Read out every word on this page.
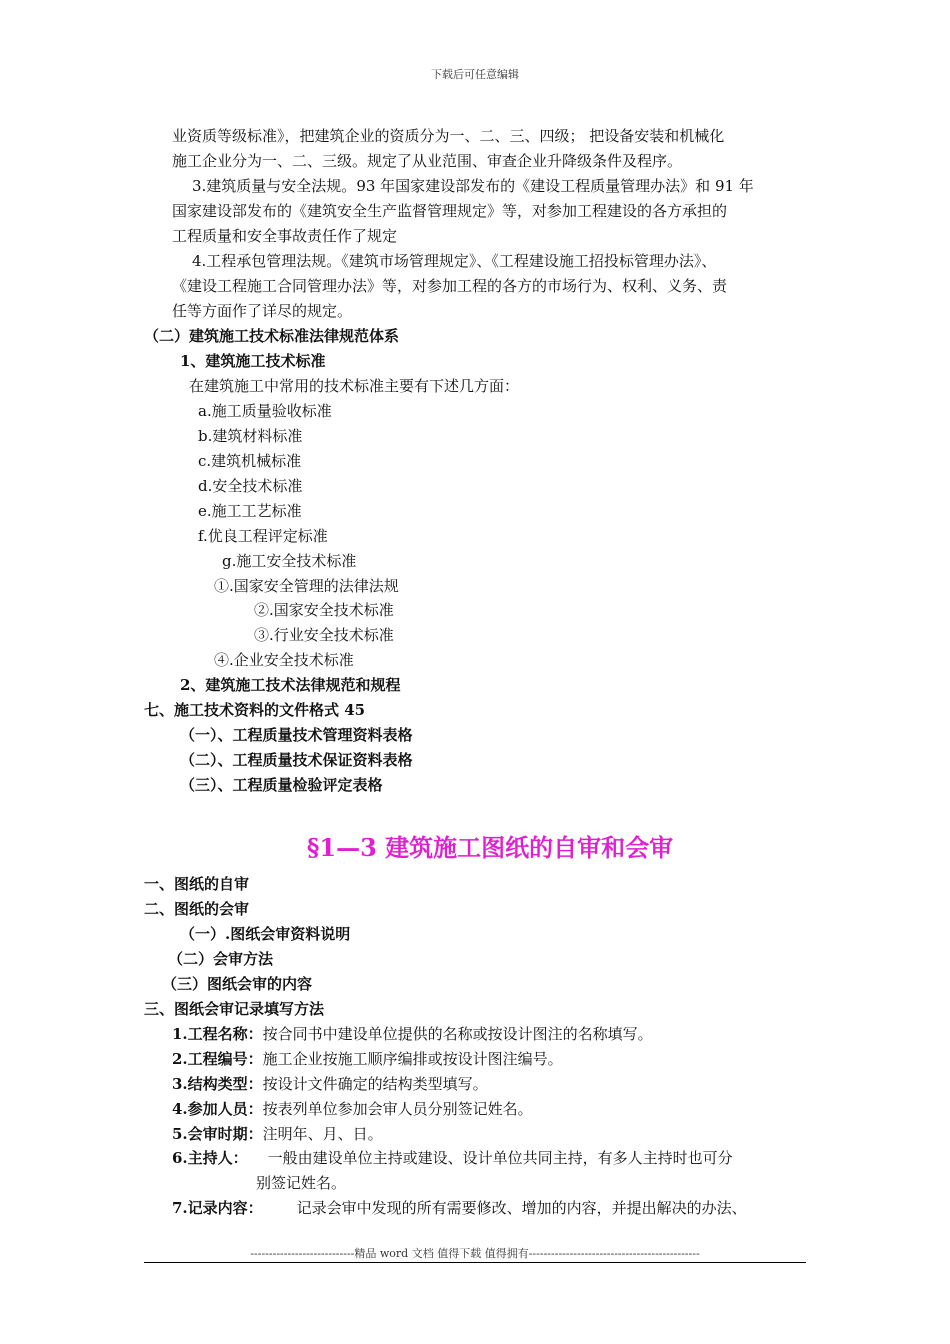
下载后可任意编辑
业资质等级标准》，把建筑企业的资质分为一、二、三、四级； 把设备安装和机械化
施工企业分为一、二、三级。规定了从业范围、审查企业升降级条件及程序。
3.建筑质量与安全法规。93 年国家建设部发布的《建设工程质量管理办法》和 91 年
国家建设部发布的《建筑安全生产监督管理规定》等，对参加工程建设的各方承担的
工程质量和安全事故责任作了规定
4.工程承包管理法规。《建筑市场管理规定》、《工程建设施工招投标管理办法》、
《建设工程施工合同管理办法》等，对参加工程的各方的市场行为、权利、义务、责
任等方面作了详尽的规定。
（二）建筑施工技术标准法律规范体系
1、建筑施工技术标准
在建筑施工中常用的技术标准主要有下述几方面：
a.施工质量验收标准
b.建筑材料标准
c.建筑机械标准
d.安全技术标准
e.施工工艺标准
f.优良工程评定标准
g.施工安全技术标准
①.国家安全管理的法律法规
②.国家安全技术标准
③.行业安全技术标准
④.企业安全技术标准
2、建筑施工技术法律规范和规程
七、施工技术资料的文件格式 45
（一）、工程质量技术管理资料表格
（二）、工程质量技术保证资料表格
（三）、工程质量检验评定表格
§1—3 建筑施工图纸的自审和会审
一、图纸的自审
二、图纸的会审
（一）.图纸会审资料说明
（二）会审方法
（三）图纸会审的内容
三、图纸会审记录填写方法
1.工程名称：按合同书中建设单位提供的名称或按设计图注的名称填写。
2.工程编号：施工企业按施工顺序编排或按设计图注编号。
3.结构类型：按设计文件确定的结构类型填写。
4.参加人员：按表列单位参加会审人员分别签记姓名。
5.会审时期：注明年、月、日。
6.主持人： 一般由建设单位主持或建设、设计单位共同主持，有多人主持时也可分
别签记姓名。
7.记录内容： 记录会审中发现的所有需要修改、增加的内容，并提出解决的办法、
----------------------------精品 word 文档 值得下载 值得拥有----------------------------------------------
